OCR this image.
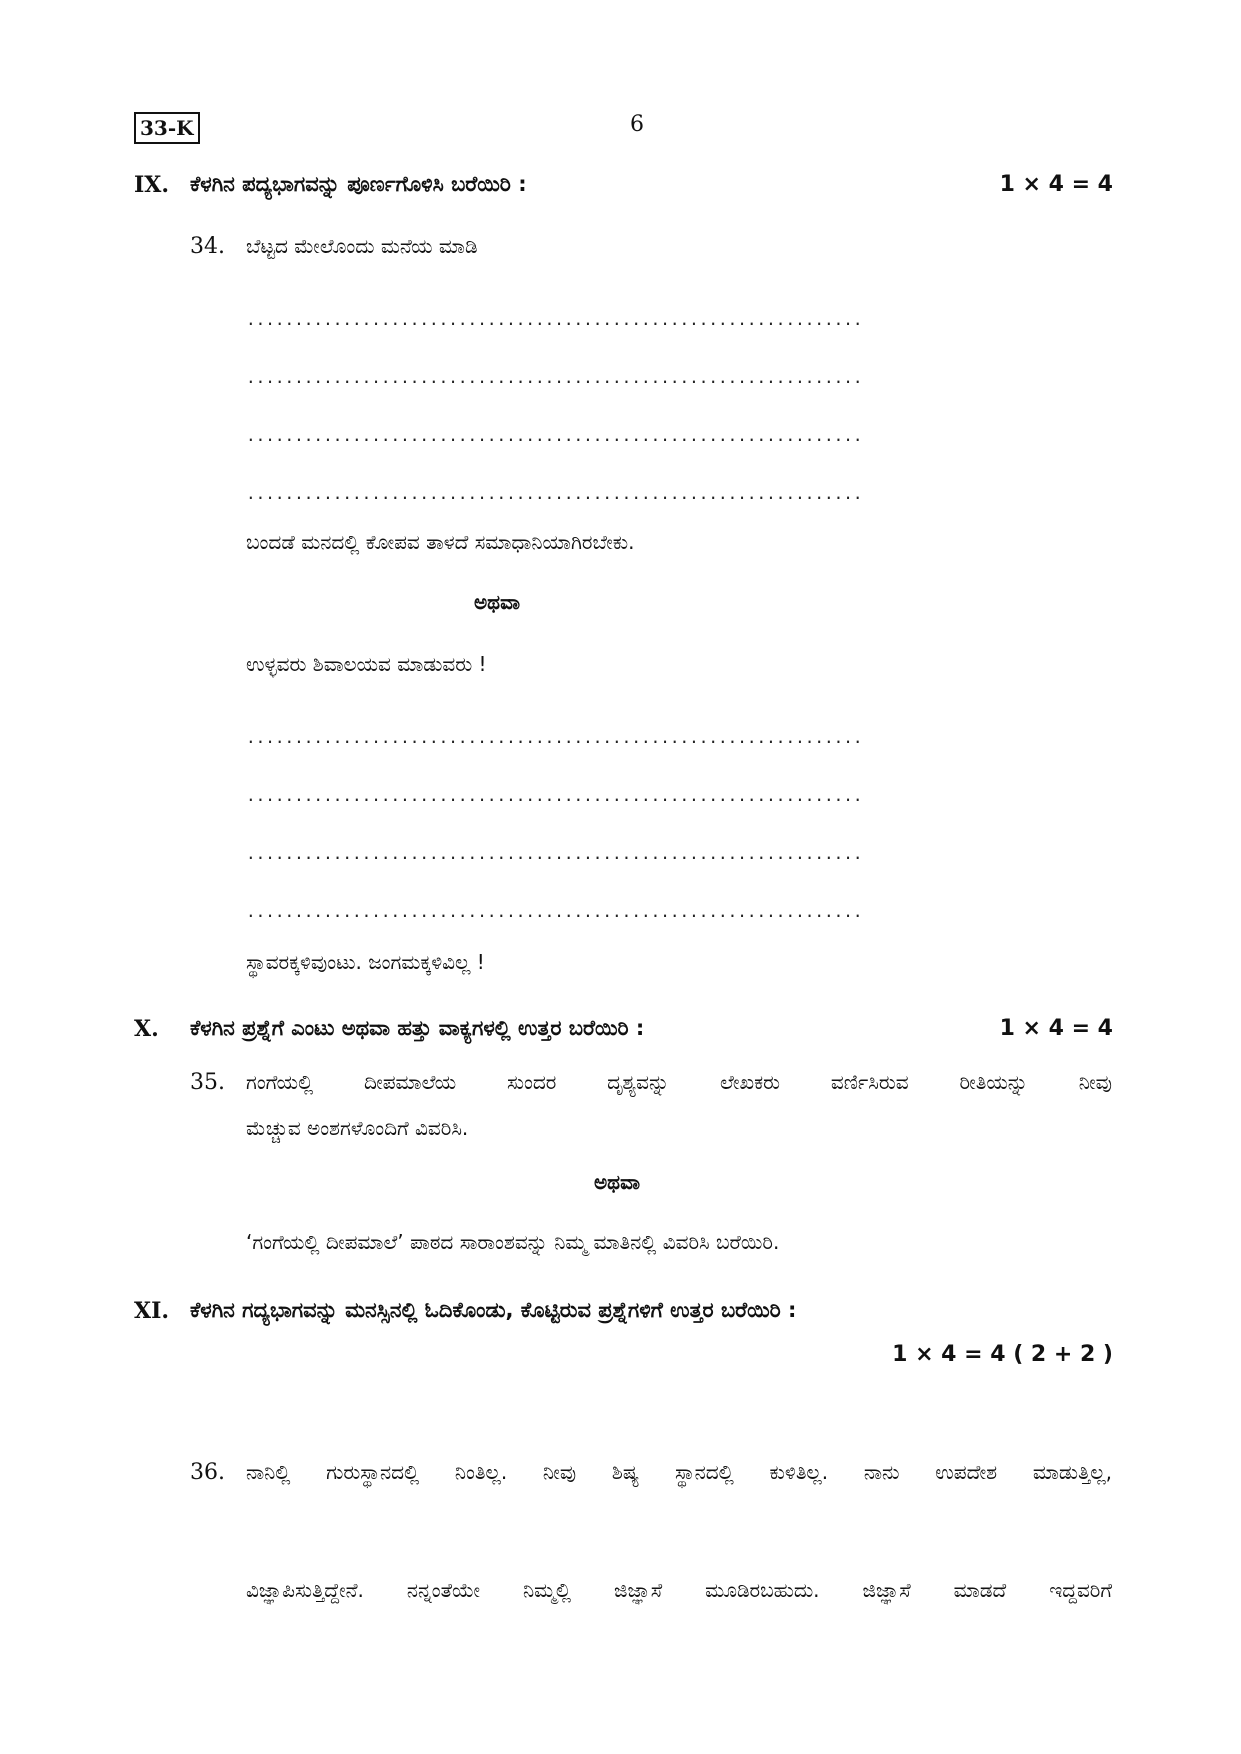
33-K	6
IX. ಕೆಳಗಿನ ಪದ್ಯಭಾಗವನ್ನು ಪೂರ್ಣಗೊಳಿಸಿ ಬರೆಯಿರಿ :	1 × 4 = 4
34. ಬೆಟ್ಟದ ಮೇಲೊಂದು ಮನೆಯ ಮಾಡಿ
................................................................
................................................................
................................................................
................................................................
ಬಂದಡೆ ಮನದಲ್ಲಿ ಕೋಪವ ತಾಳದೆ ಸಮಾಧಾನಿಯಾಗಿರಬೇಕು.
ಅಥವಾ
ಉಳ್ಳವರು ಶಿವಾಲಯವ ಮಾಡುವರು !
................................................................
................................................................
................................................................
................................................................
ಸ್ಥಾವರಕ್ಕಳಿವುಂಟು. ಜಂಗಮಕ್ಕಳಿವಿಲ್ಲ !
X. ಕೆಳಗಿನ ಪ್ರಶ್ನೆಗೆ ಎಂಟು ಅಥವಾ ಹತ್ತು ವಾಕ್ಯಗಳಲ್ಲಿ ಉತ್ತರ ಬರೆಯಿರಿ :	1 × 4 = 4
35. ಗಂಗೆಯಲ್ಲಿ ದೀಪಮಾಲೆಯ ಸುಂದರ ದೃಶ್ಯವನ್ನು ಲೇಖಕರು ವರ್ಣಿಸಿರುವ ರೀತಿಯನ್ನು ನೀವು
ಮೆಚ್ಚುವ ಅಂಶಗಳೊಂದಿಗೆ ವಿವರಿಸಿ.
ಅಥವಾ
‘ಗಂಗೆಯಲ್ಲಿ ದೀಪಮಾಲೆ’ ಪಾಠದ ಸಾರಾಂಶವನ್ನು ನಿಮ್ಮ ಮಾತಿನಲ್ಲಿ ವಿವರಿಸಿ ಬರೆಯಿರಿ.
XI. ಕೆಳಗಿನ ಗದ್ಯಭಾಗವನ್ನು ಮನಸ್ಸಿನಲ್ಲಿ ಓದಿಕೊಂಡು, ಕೊಟ್ಟಿರುವ ಪ್ರಶ್ನೆಗಳಿಗೆ ಉತ್ತರ ಬರೆಯಿರಿ :
1 × 4 = 4 ( 2 + 2 )
36. ನಾನಿಲ್ಲಿ ಗುರುಸ್ಥಾನದಲ್ಲಿ ನಿಂತಿಲ್ಲ. ನೀವು ಶಿಷ್ಯ ಸ್ಥಾನದಲ್ಲಿ ಕುಳಿತಿಲ್ಲ. ನಾನು ಉಪದೇಶ ಮಾಡುತ್ತಿಲ್ಲ,
ವಿಜ್ಞಾಪಿಸುತ್ತಿದ್ದೇನೆ. ನನ್ನಂತೆಯೇ ನಿಮ್ಮಲ್ಲಿ ಜಿಜ್ಞಾಸೆ ಮೂಡಿರಬಹುದು. ಜಿಜ್ಞಾಸೆ ಮಾಡದೆ ಇದ್ದವರಿಗೆ
